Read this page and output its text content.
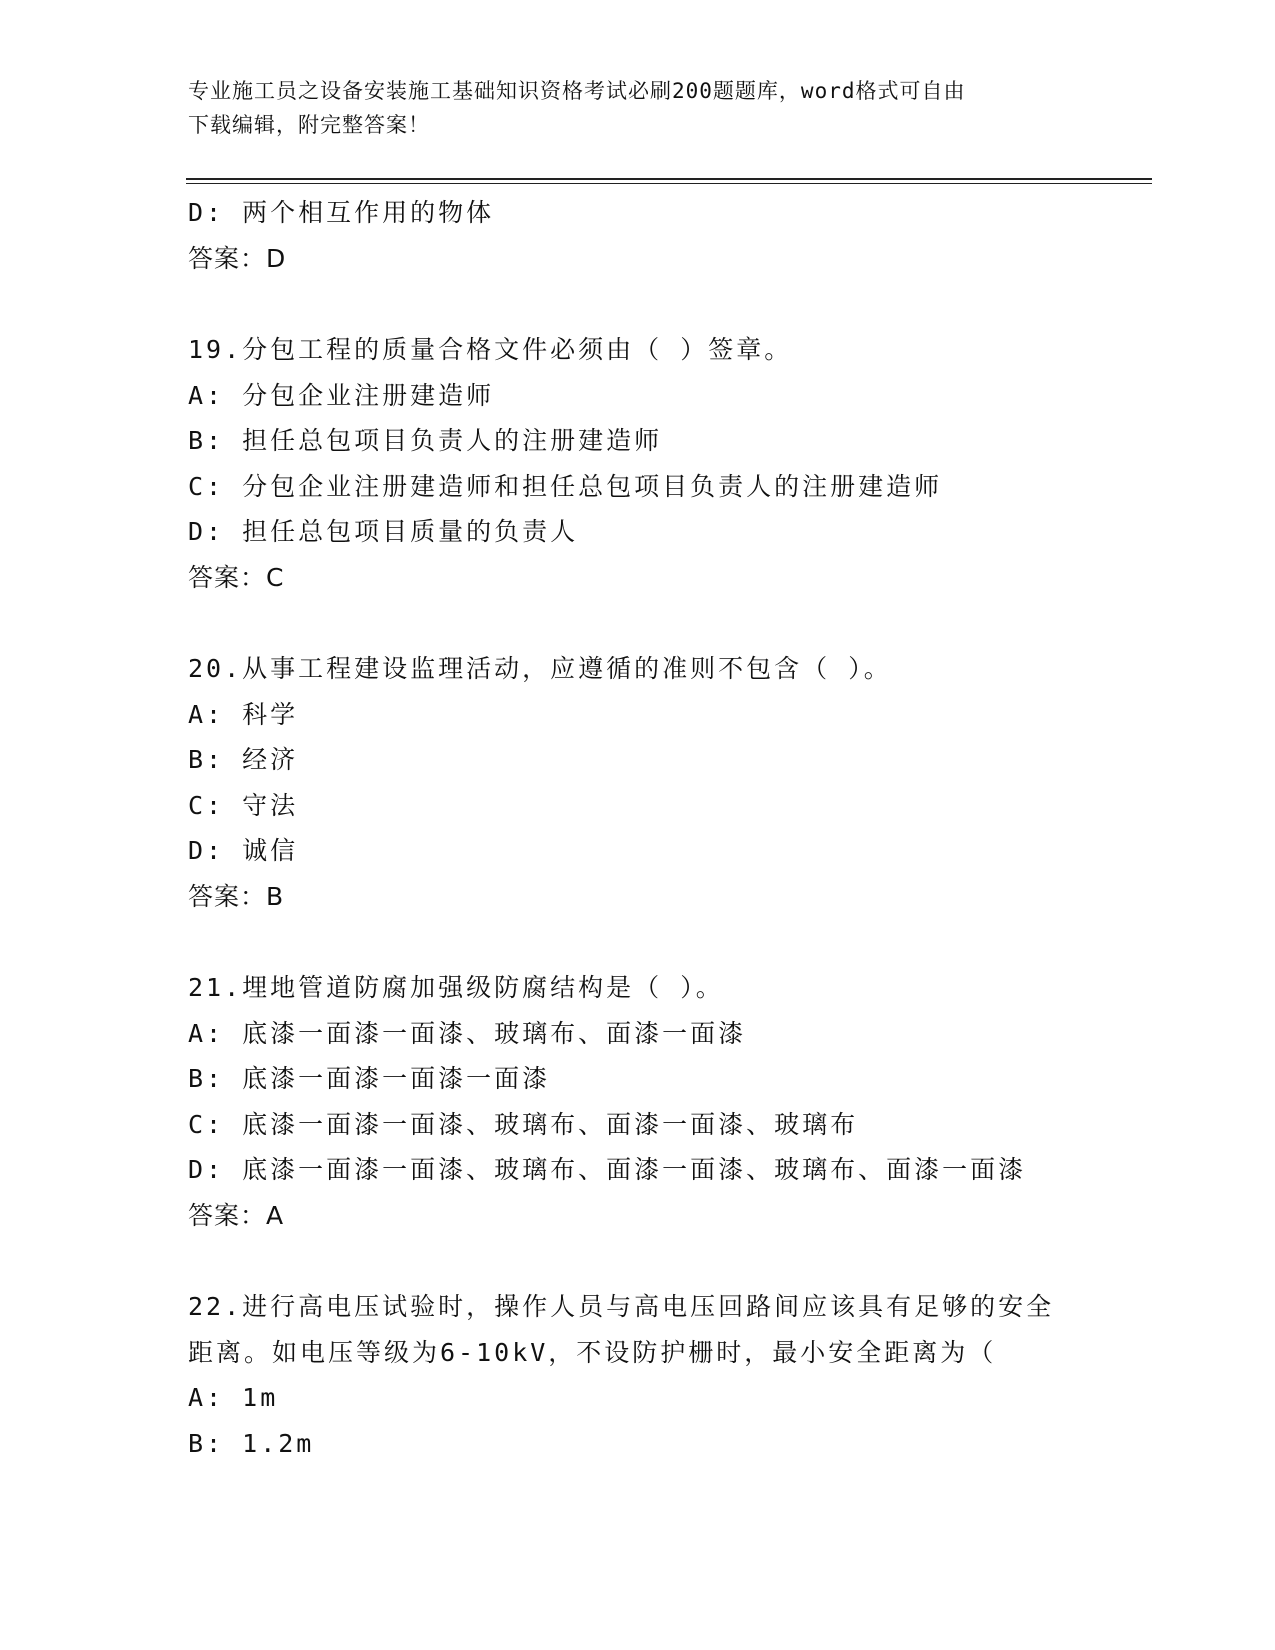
专业施工员之设备安装施工基础知识资格考试必刷200题题库，word格式可自由
下载编辑，附完整答案！
D: 两个相互作用的物体
答案：D
19.分包工程的质量合格文件必须由（ ）签章。
A: 分包企业注册建造师
B: 担任总包项目负责人的注册建造师
C: 分包企业注册建造师和担任总包项目负责人的注册建造师
D: 担任总包项目质量的负责人
答案：C
20.从事工程建设监理活动，应遵循的准则不包含（ ）。
A: 科学
B: 经济
C: 守法
D: 诚信
答案：B
21.埋地管道防腐加强级防腐结构是（ ）。
A: 底漆一面漆一面漆、玻璃布、面漆一面漆
B: 底漆一面漆一面漆一面漆
C: 底漆一面漆一面漆、玻璃布、面漆一面漆、玻璃布
D: 底漆一面漆一面漆、玻璃布、面漆一面漆、玻璃布、面漆一面漆
答案：A
22.进行高电压试验时，操作人员与高电压回路间应该具有足够的安全
距离。如电压等级为6-10kV，不设防护栅时，最小安全距离为（
A: 1m
B: 1.2m
